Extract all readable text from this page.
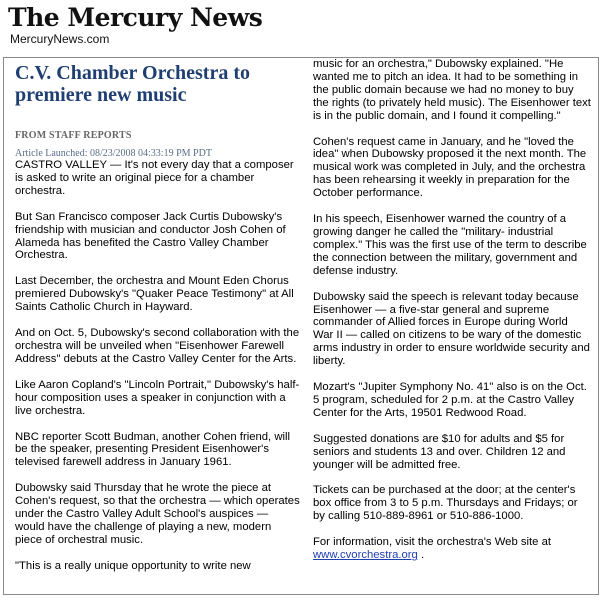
The Mercury News
MercuryNews.com
C.V. Chamber Orchestra to premiere new music
FROM STAFF REPORTS
Article Launched: 08/23/2008 04:33:19 PM PDT

CASTRO VALLEY — It's not every day that a composer is asked to write an original piece for a chamber orchestra.

But San Francisco composer Jack Curtis Dubowsky's friendship with musician and conductor Josh Cohen of Alameda has benefited the Castro Valley Chamber Orchestra.

Last December, the orchestra and Mount Eden Chorus premiered Dubowsky's "Quaker Peace Testimony" at All Saints Catholic Church in Hayward.

And on Oct. 5, Dubowsky's second collaboration with the orchestra will be unveiled when "Eisenhower Farewell Address" debuts at the Castro Valley Center for the Arts.

Like Aaron Copland's "Lincoln Portrait," Dubowsky's half-hour composition uses a speaker in conjunction with a live orchestra.

NBC reporter Scott Budman, another Cohen friend, will be the speaker, presenting President Eisenhower's televised farewell address in January 1961.

Dubowsky said Thursday that he wrote the piece at Cohen's request, so that the orchestra — which operates under the Castro Valley Adult School's auspices — would have the challenge of playing a new, modern piece of orchestral music.

"This is a really unique opportunity to write new

music for an orchestra," Dubowsky explained. "He wanted me to pitch an idea. It had to be something in the public domain because we had no money to buy the rights (to privately held music). The Eisenhower text is in the public domain, and I found it compelling."

Cohen's request came in January, and he "loved the idea" when Dubowsky proposed it the next month. The musical work was completed in July, and the orchestra has been rehearsing it weekly in preparation for the October performance.

In his speech, Eisenhower warned the country of a growing danger he called the "military- industrial complex." This was the first use of the term to describe the connection between the military, government and defense industry.

Dubowsky said the speech is relevant today because Eisenhower — a five-star general and supreme commander of Allied forces in Europe during World War II — called on citizens to be wary of the domestic arms industry in order to ensure worldwide security and liberty.

Mozart's "Jupiter Symphony No. 41" also is on the Oct. 5 program, scheduled for 2 p.m. at the Castro Valley Center for the Arts, 19501 Redwood Road.

Suggested donations are $10 for adults and $5 for seniors and students 13 and over. Children 12 and younger will be admitted free.

Tickets can be purchased at the door; at the center's box office from 3 to 5 p.m. Thursdays and Fridays; or by calling 510-889-8961 or 510-886-1000.

For information, visit the orchestra's Web site at
www.cvorchestra.org .
